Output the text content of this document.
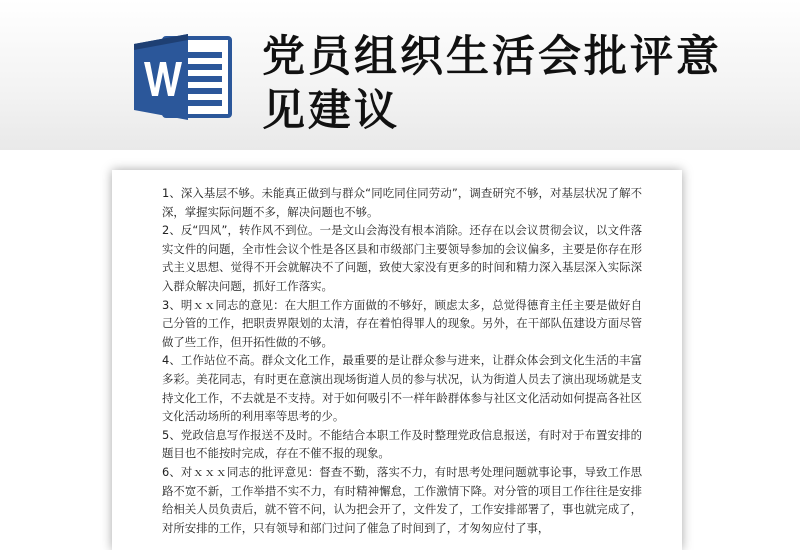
党员组织生活会批评意见建议

1、深入基层不够。未能真正做到与群众“同吃同住同劳动”，调查研究不够，对基层状况了解不深，掌握实际问题不多，解决问题也不够。

2、反“四风”，转作风不到位。一是文山会海没有根本消除。还存在以会议贯彻会议，以文件落实文件的问题，全市性会议个性是各区县和市级部门主要领导参加的会议偏多，主要是你存在形式主义思想、觉得不开会就解决不了问题，致使大家没有更多的时间和精力深入基层深入实际深入群众解决问题，抓好工作落实。

3、明ｘｘ同志的意见：在大胆工作方面做的不够好，顾虑太多，总觉得德育主任主要是做好自己分管的工作，把职责界限划的太清，存在着怕得罪人的现象。另外，在干部队伍建设方面尽管做了些工作，但开拓性做的不够。

4、工作站位不高。群众文化工作，最重要的是让群众参与进来，让群众体会到文化生活的丰富多彩。美花同志，有时更在意演出现场街道人员的参与状况，认为街道人员去了演出现场就是支持文化工作，不去就是不支持。对于如何吸引不一样年龄群体参与社区文化活动如何提高各社区文化活动场所的利用率等思考的少。

5、党政信息写作报送不及时。不能结合本职工作及时整理党政信息报送，有时对于布置安排的题目也不能按时完成，存在不催不报的现象。

6、对ｘｘｘ同志的批评意见：督查不勤，落实不力，有时思考处理问题就事论事，导致工作思路不宽不新，工作举措不实不力，有时精神懈怠，工作激情下降。对分管的项目工作往往是安排给相关人员负责后，就不管不问，认为把会开了，文件发了，工作安排部署了，事也就完成了，对所安排的工作，只有领导和部门过问了催急了时间到了，才匆匆应付了事，
